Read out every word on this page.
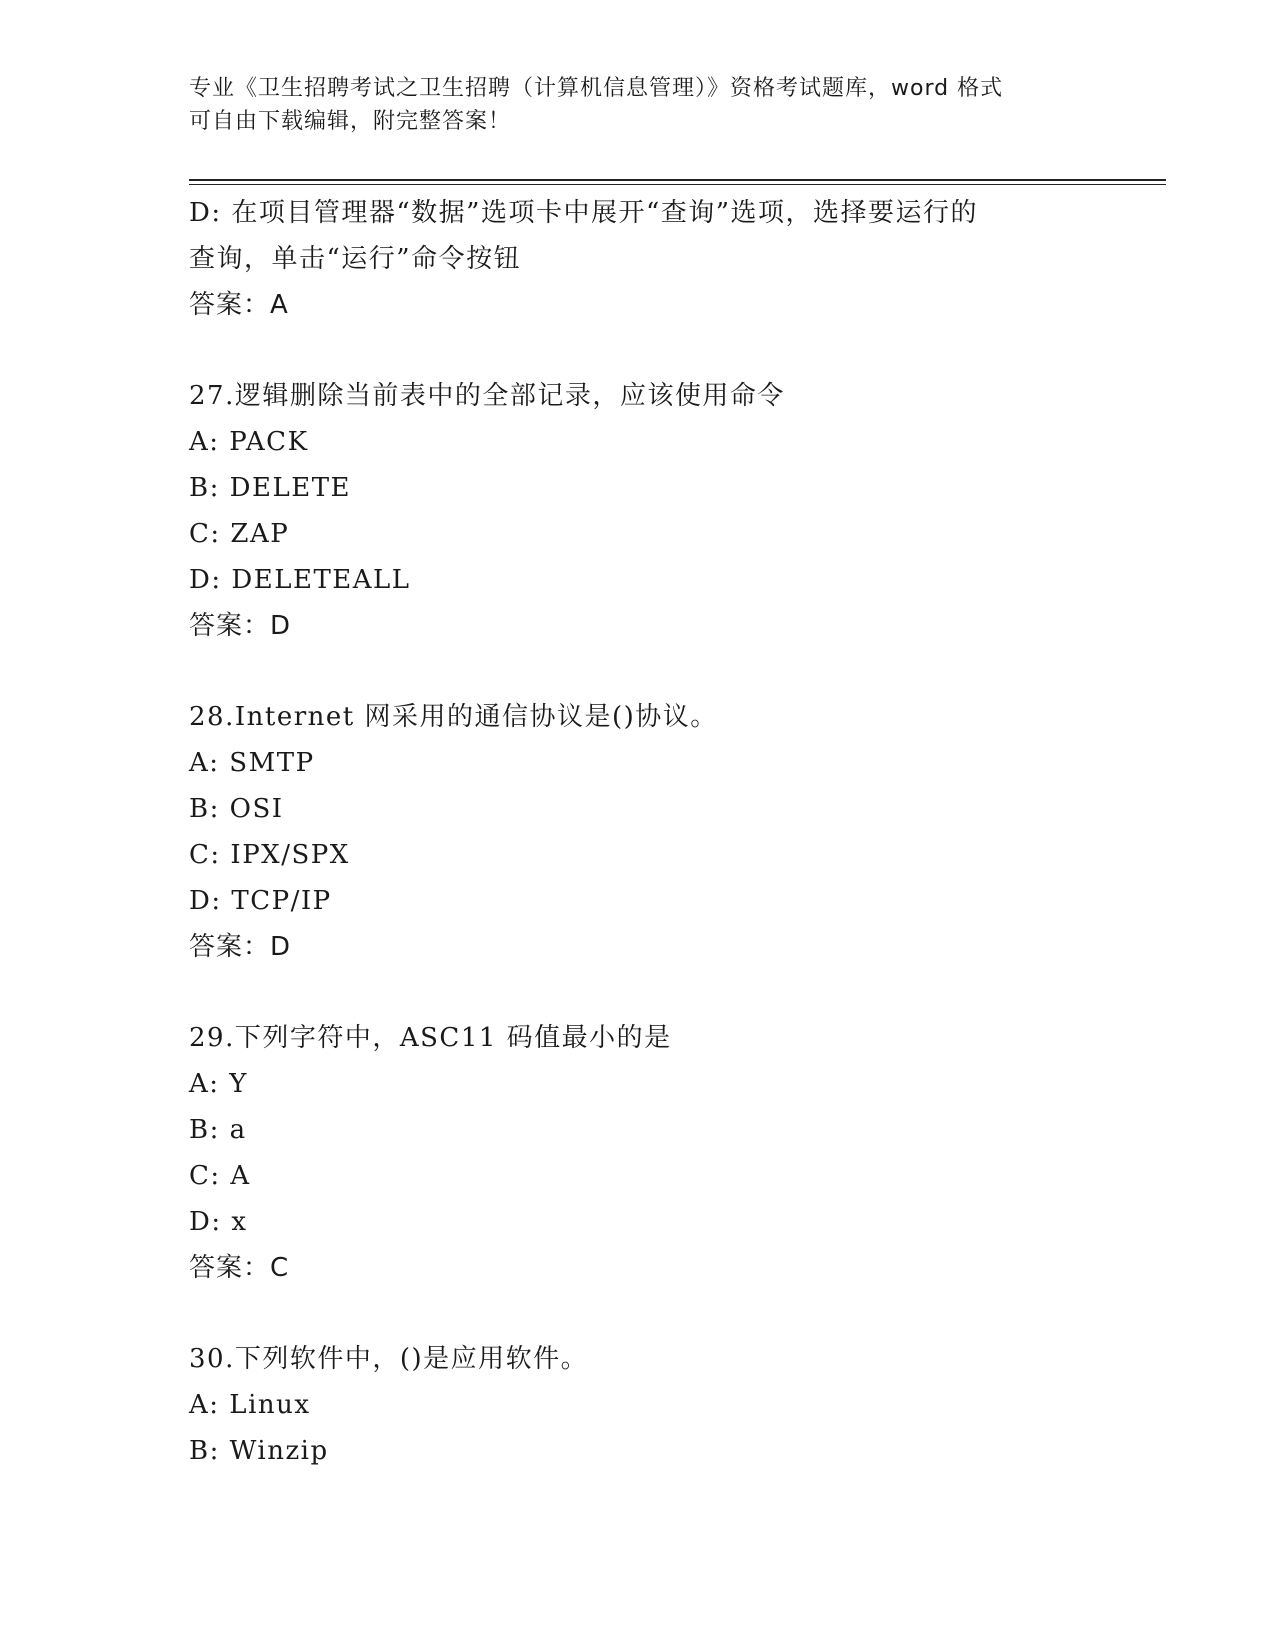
专业《卫生招聘考试之卫生招聘（计算机信息管理）》资格考试题库，word 格式
可自由下载编辑，附完整答案！
D: 在项目管理器“数据”选项卡中展开“查询”选项，选择要运行的
查询，单击“运行”命令按钮
答案：A
27.逻辑删除当前表中的全部记录，应该使用命令
A: PACK
B: DELETE
C: ZAP
D: DELETEALL
答案：D
28.Internet 网采用的通信协议是()协议。
A: SMTP
B: OSI
C: IPX/SPX
D: TCP/IP
答案：D
29.下列字符中，ASC11 码值最小的是
A: Y
B: a
C: A
D: x
答案：C
30.下列软件中，()是应用软件。
A: Linux
B: Winzip
